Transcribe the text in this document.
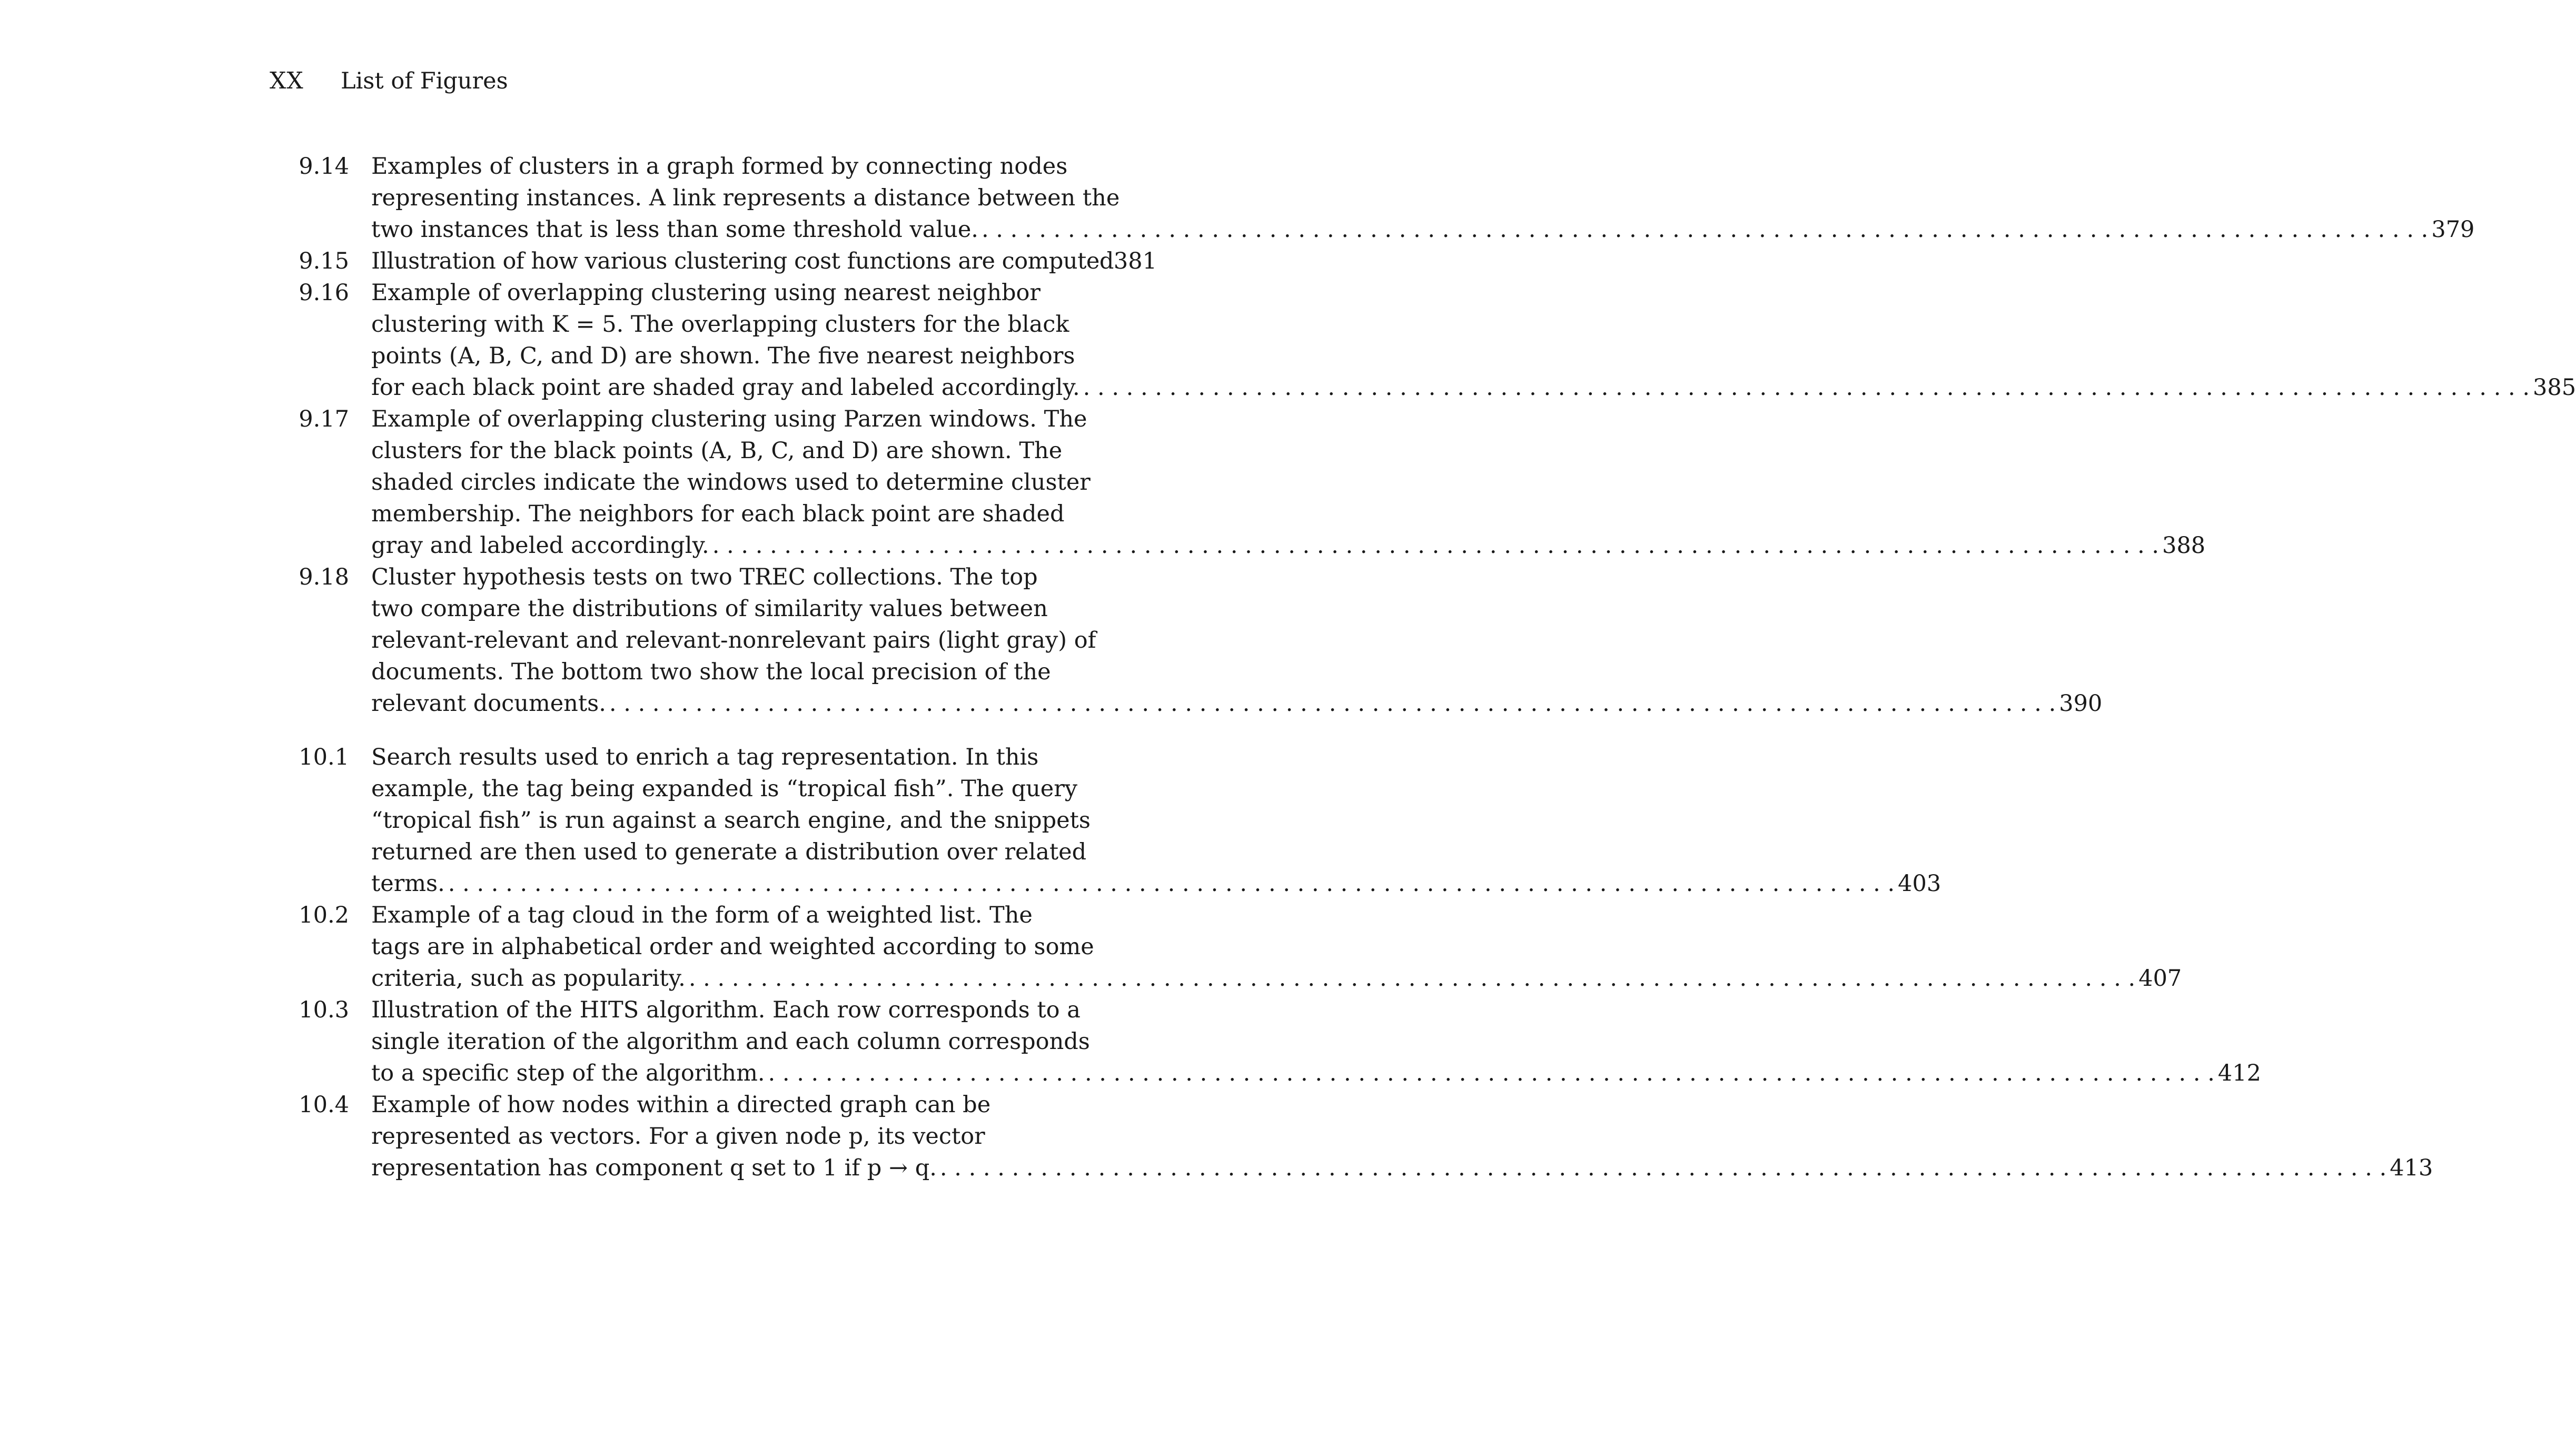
XX	List of Figures
9.14 Examples of clusters in a graph formed by connecting nodes
representing instances. A link represents a distance between the
two instances that is less than some threshold value. . . .	379
9.15 Illustration of how various clustering cost functions are computed 381
9.16 Example of overlapping clustering using nearest neighbor
clustering with K = 5. The overlapping clusters for the black
points (A, B, C, and D) are shown. The five nearest neighbors
for each black point are shaded gray and labeled accordingly. . . .	385
9.17 Example of overlapping clustering using Parzen windows. The
clusters for the black points (A, B, C, and D) are shown. The
shaded circles indicate the windows used to determine cluster
membership. The neighbors for each black point are shaded
gray and labeled accordingly. . . .	388
9.18 Cluster hypothesis tests on two TREC collections. The top
two compare the distributions of similarity values between
relevant-relevant and relevant-nonrelevant pairs (light gray) of
documents. The bottom two show the local precision of the
relevant documents. . . .	390
10.1 Search results used to enrich a tag representation. In this
example, the tag being expanded is “tropical fish”. The query
“tropical fish” is run against a search engine, and the snippets
returned are then used to generate a distribution over related
terms. . . .	403
10.2 Example of a tag cloud in the form of a weighted list. The
tags are in alphabetical order and weighted according to some
criteria, such as popularity. . . .	407
10.3 Illustration of the HITS algorithm. Each row corresponds to a
single iteration of the algorithm and each column corresponds
to a specific step of the algorithm. . . .	412
10.4 Example of how nodes within a directed graph can be
represented as vectors. For a given node p, its vector
representation has component q set to 1 if p → q. . . .	413
